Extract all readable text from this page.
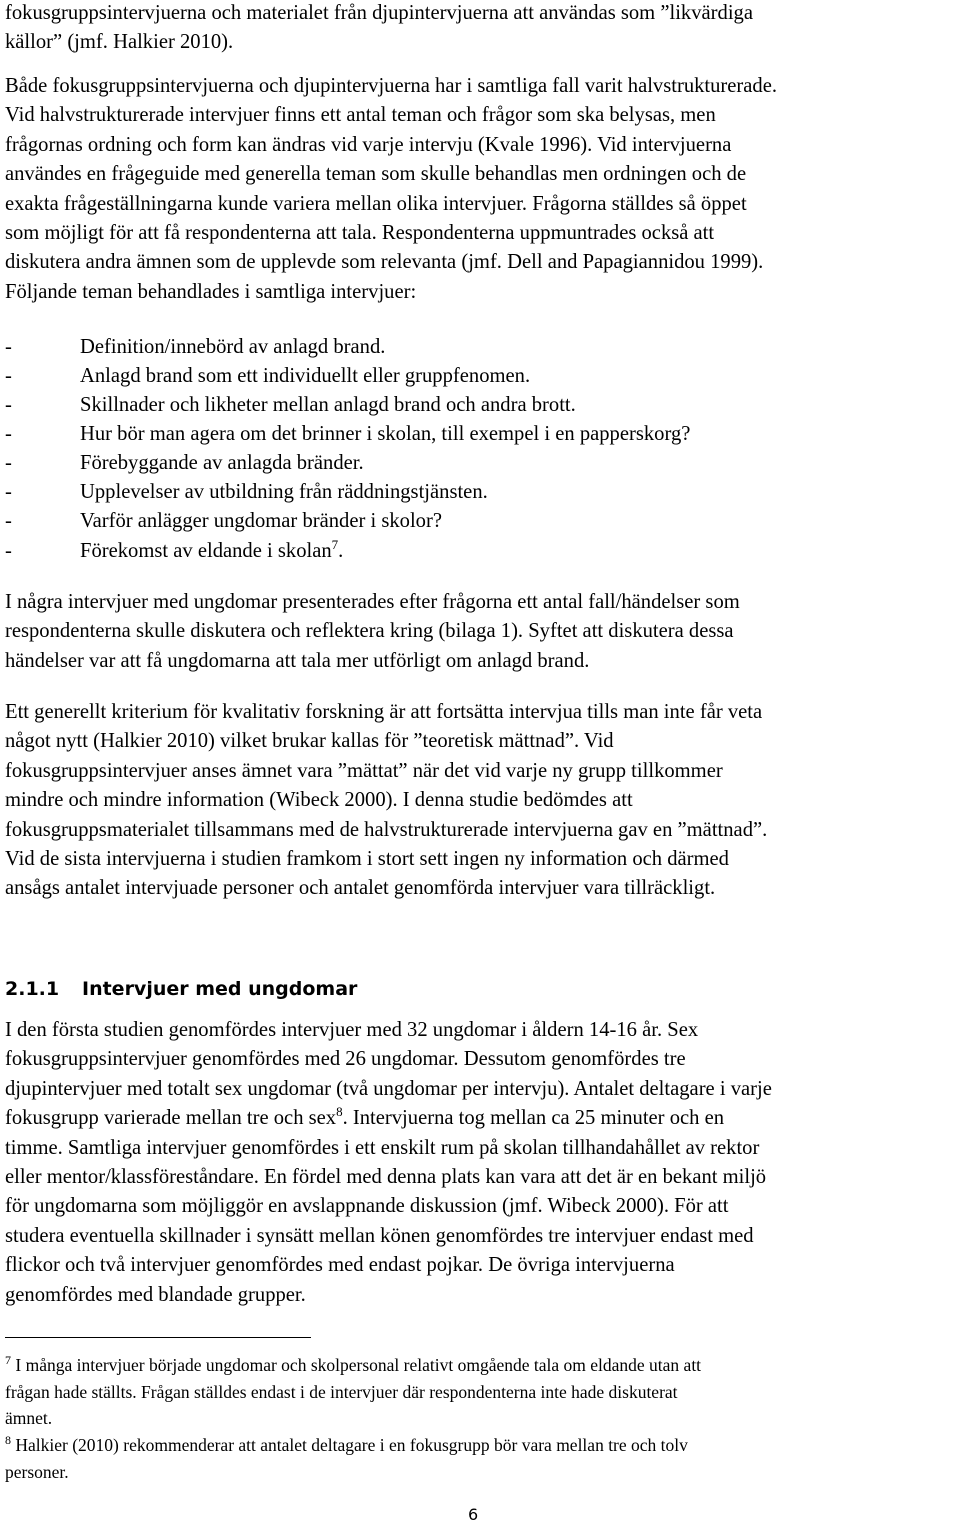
fokusgruppsintervjuerna och materialet från djupintervjuerna att användas som ”likvärdiga
källor” (jmf. Halkier 2010).
Både fokusgruppsintervjuerna och djupintervjuerna har i samtliga fall varit halvstrukturerade.
Vid halvstrukturerade intervjuer finns ett antal teman och frågor som ska belysas, men
frågornas ordning och form kan ändras vid varje intervju (Kvale 1996). Vid intervjuerna
användes en frågeguide med generella teman som skulle behandlas men ordningen och de
exakta frågeställningarna kunde variera mellan olika intervjuer. Frågorna ställdes så öppet
som möjligt för att få respondenterna att tala. Respondenterna uppmuntrades också att
diskutera andra ämnen som de upplevde som relevanta (jmf. Dell and Papagiannidou 1999).
Följande teman behandlades i samtliga intervjuer:
-	Definition/innebörd av anlagd brand.
-	Anlagd brand som ett individuellt eller gruppfenomen.
-	Skillnader och likheter mellan anlagd brand och andra brott.
-	Hur bör man agera om det brinner i skolan, till exempel i en papperskorg?
-	Förebyggande av anlagda bränder.
-	Upplevelser av utbildning från räddningstjänsten.
-	Varför anlägger ungdomar bränder i skolor?
-	Förekomst av eldande i skolan$^7$.
I några intervjuer med ungdomar presenterades efter frågorna ett antal fall/händelser som
respondenterna skulle diskutera och reflektera kring (bilaga 1). Syftet att diskutera dessa
händelser var att få ungdomarna att tala mer utförligt om anlagd brand.
Ett generellt kriterium för kvalitativ forskning är att fortsätta intervjua tills man inte får veta
något nytt (Halkier 2010) vilket brukar kallas för ”teoretisk mättnad”. Vid
fokusgruppsintervjuer anses ämnet vara ”mättat” när det vid varje ny grupp tillkommer
mindre och mindre information (Wibeck 2000). I denna studie bedömdes att
fokusgruppsmaterialet tillsammans med de halvstrukturerade intervjuerna gav en ”mättnad”.
Vid de sista intervjuerna i studien framkom i stort sett ingen ny information och därmed
ansågs antalet intervjuade personer och antalet genomförda intervjuer vara tillräckligt.
2.1.1 Intervjuer med ungdomar
I den första studien genomfördes intervjuer med 32 ungdomar i åldern 14-16 år. Sex
fokusgruppsintervjuer genomfördes med 26 ungdomar. Dessutom genomfördes tre
djupintervjuer med totalt sex ungdomar (två ungdomar per intervju). Antalet deltagare i varje
fokusgrupp varierade mellan tre och sex$^8$. Intervjuerna tog mellan ca 25 minuter och en
timme. Samtliga intervjuer genomfördes i ett enskilt rum på skolan tillhandahållet av rektor
eller mentor/klassföreståndare. En fördel med denna plats kan vara att det är en bekant miljö
för ungdomarna som möjliggör en avslappnande diskussion (jmf. Wibeck 2000). För att
studera eventuella skillnader i synsätt mellan könen genomfördes tre intervjuer endast med
flickor och två intervjuer genomfördes med endast pojkar. De övriga intervjuerna
genomfördes med blandade grupper.
$^7$ I många intervjuer började ungdomar och skolpersonal relativt omgående tala om eldande utan att
frågan hade ställts. Frågan ställdes endast i de intervjuer där respondenterna inte hade diskuterat
ämnet.
$^8$ Halkier (2010) rekommenderar att antalet deltagare i en fokusgrupp bör vara mellan tre och tolv
personer.
6
